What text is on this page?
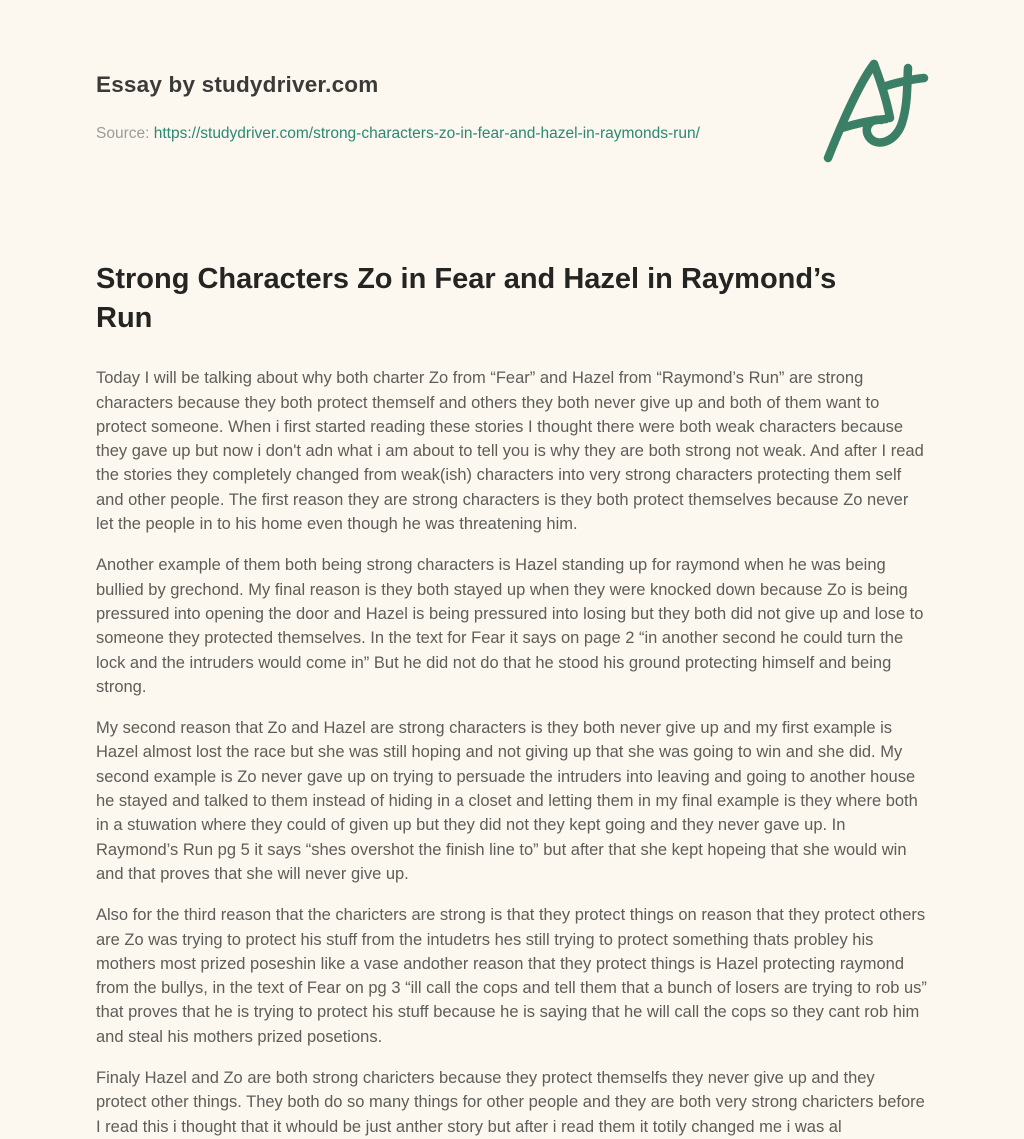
Essay by studydriver.com
Source: https://studydriver.com/strong-characters-zo-in-fear-and-hazel-in-raymonds-run/
Strong Characters Zo in Fear and Hazel in Raymond’s Run

Today I will be talking about why both charter Zo from “Fear” and Hazel from “Raymond’s Run” are strong characters because they both protect themself and others they both never give up and both of them want to protect someone. When i first started reading these stories I thought there were both weak characters because they gave up but now i don't adn what i am about to tell you is why they are both strong not weak. And after I read the stories they completely changed from weak(ish) characters into very strong characters protecting them self and other people. The first reason they are strong characters is they both protect themselves because Zo never let the people in to his home even though he was threatening him.

Another example of them both being strong characters is Hazel standing up for raymond when he was being bullied by grechond. My final reason is they both stayed up when they were knocked down because Zo is being pressured into opening the door and Hazel is being pressured into losing but they both did not give up and lose to someone they protected themselves. In the text for Fear it says on page 2 “in another second he could turn the lock and the intruders would come in” But he did not do that he stood his ground protecting himself and being strong.

My second reason that Zo and Hazel are strong characters is they both never give up and my first example is Hazel almost lost the race but she was still hoping and not giving up that she was going to win and she did. My second example is Zo never gave up on trying to persuade the intruders into leaving and going to another house he stayed and talked to them instead of hiding in a closet and letting them in my final example is they where both in a stuwation where they could of given up but they did not they kept going and they never gave up. In Raymond’s Run pg 5 it says “shes overshot the finish line to” but after that she kept hopeing that she would win and that proves that she will never give up.

Also for the third reason that the charicters are strong is that they protect things on reason that they protect others are Zo was trying to protect his stuff from the intudetrs hes still trying to protect something thats probley his mothers most prized poseshin like a vase andother reason that they protect things is Hazel protecting raymond from the bullys, in the text of Fear on pg 3 “ill call the cops and tell them that a bunch of losers are trying to rob us” that proves that he is trying to protect his stuff because he is saying that he will call the cops so they cant rob him and steal his mothers prized posetions.

Finaly Hazel and Zo are both strong charicters because they protect themselfs they never give up and they protect other things. They both do so many things for other people and they are both very strong charicters before I read this i thought that it whould be just anther story but after i read them it totily changed me i was al
